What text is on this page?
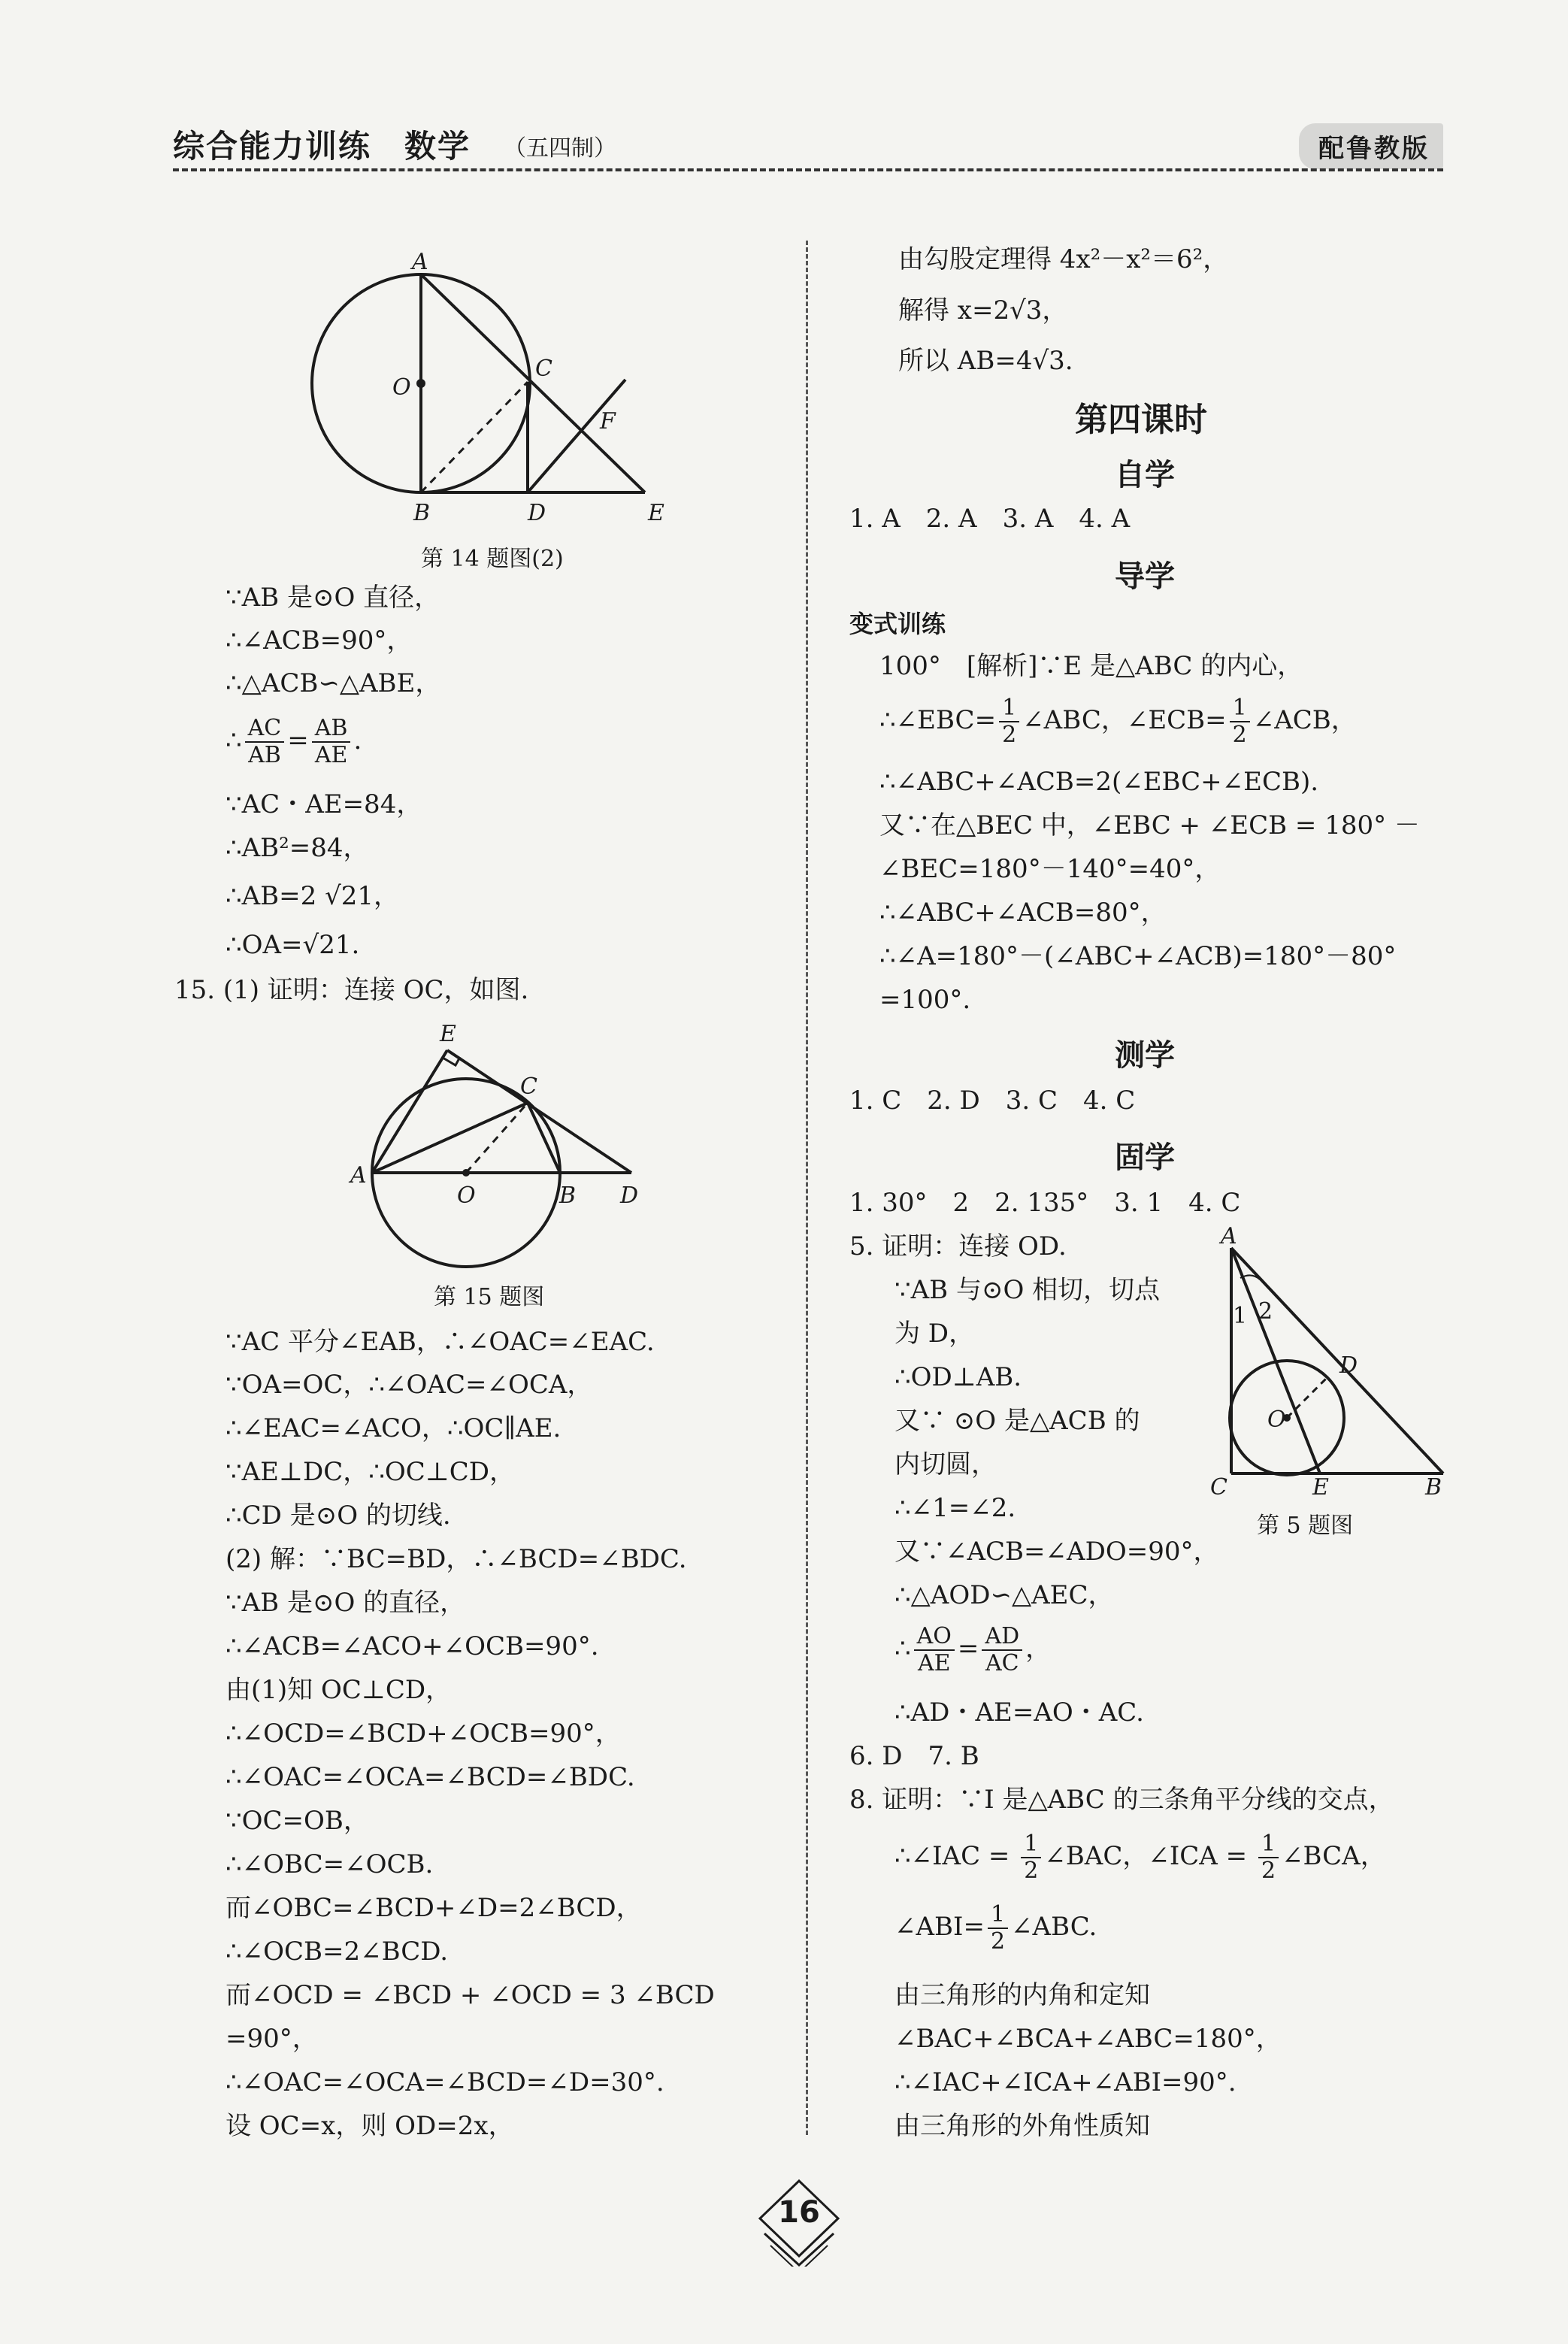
综合能力训练　数学 （五四制）	配鲁教版
A
O
C
F
B	D	E
第 14 题图(2)
∵AB 是⊙O 直径，
∴∠ACB=90°，
∴△ACB∽△ABE，
∴ $\frac{AC}{AB} = \frac{AB}{AE}$ .
∵AC・AE=84，
∴AB²=84，
∴AB=2 √21，
∴OA=√21.
15. (1) 证明：连接 OC，如图.
E
C
A
O	B D
第 15 题图
∵AC 平分∠EAB，∴∠OAC=∠EAC.
∵OA=OC，∴∠OAC=∠OCA，
∴∠EAC=∠ACO，∴OC∥AE.
∵AE⊥DC，∴OC⊥CD，
∴CD 是⊙O 的切线.
(2) 解：∵BC=BD，∴∠BCD=∠BDC.
∵AB 是⊙O 的直径，
∴∠ACB=∠ACO+∠OCB=90°.
由(1)知 OC⊥CD，
∴∠OCD=∠BCD+∠OCB=90°，
∴∠OAC=∠OCA=∠BCD=∠BDC.
∵OC=OB，
∴∠OBC=∠OCB.
而∠OBC=∠BCD+∠D=2∠BCD，
∴∠OCB=2∠BCD.
而∠OCD = ∠BCD + ∠OCD = 3 ∠BCD
=90°，
∴∠OAC=∠OCA=∠BCD=∠D=30°.
设 OC=x，则 OD=2x，
由勾股定理得 4x²－x²＝6²，
解得 x=2√3，
所以 AB=4√3.
第四课时
自学
1. A　2. A　3. A　4. A
导学
变式训练
100°　[解析]∵E 是△ABC 的内心，
∴∠EBC= $\frac{1}{2}$ ∠ABC，∠ECB= $\frac{1}{2}$ ∠ACB，
∴∠ABC+∠ACB=2(∠EBC+∠ECB).
又∵在△BEC 中，∠EBC + ∠ECB = 180° －
∠BEC=180°－140°=40°，
∴∠ABC+∠ACB=80°，
∴∠A=180°－(∠ABC+∠ACB)=180°－80°
=100°.
测学
1. C　2. D　3. C　4. C
固学
1. 30°　2　2. 135°　3. 1　4. C
5. 证明：连接 OD.
∵AB 与⊙O 相切，切点
为 D，
∴OD⊥AB.
又∵ ⊙O 是△ACB 的
内切圆，
∴∠1=∠2.
又∵∠ACB=∠ADO=90°，
∴△AOD∽△AEC，
∴ $\frac{AO}{AE} = \frac{AD}{AC}$ ，
∴AD・AE=AO・AC.
6. D　7. B
8. 证明：∵I 是△ABC 的三条角平分线的交点，
∴∠IAC = $\frac{1}{2}$ ∠BAC，∠ICA = $\frac{1}{2}$ ∠BCA，
∠ABI= $\frac{1}{2}$ ∠ABC.
由三角形的内角和定知
∠BAC+∠BCA+∠ABC=180°，
∴∠IAC+∠ICA+∠ABI=90°.
由三角形的外角性质知
A
1 2
D
O
C	E	B
第 5 题图
16
